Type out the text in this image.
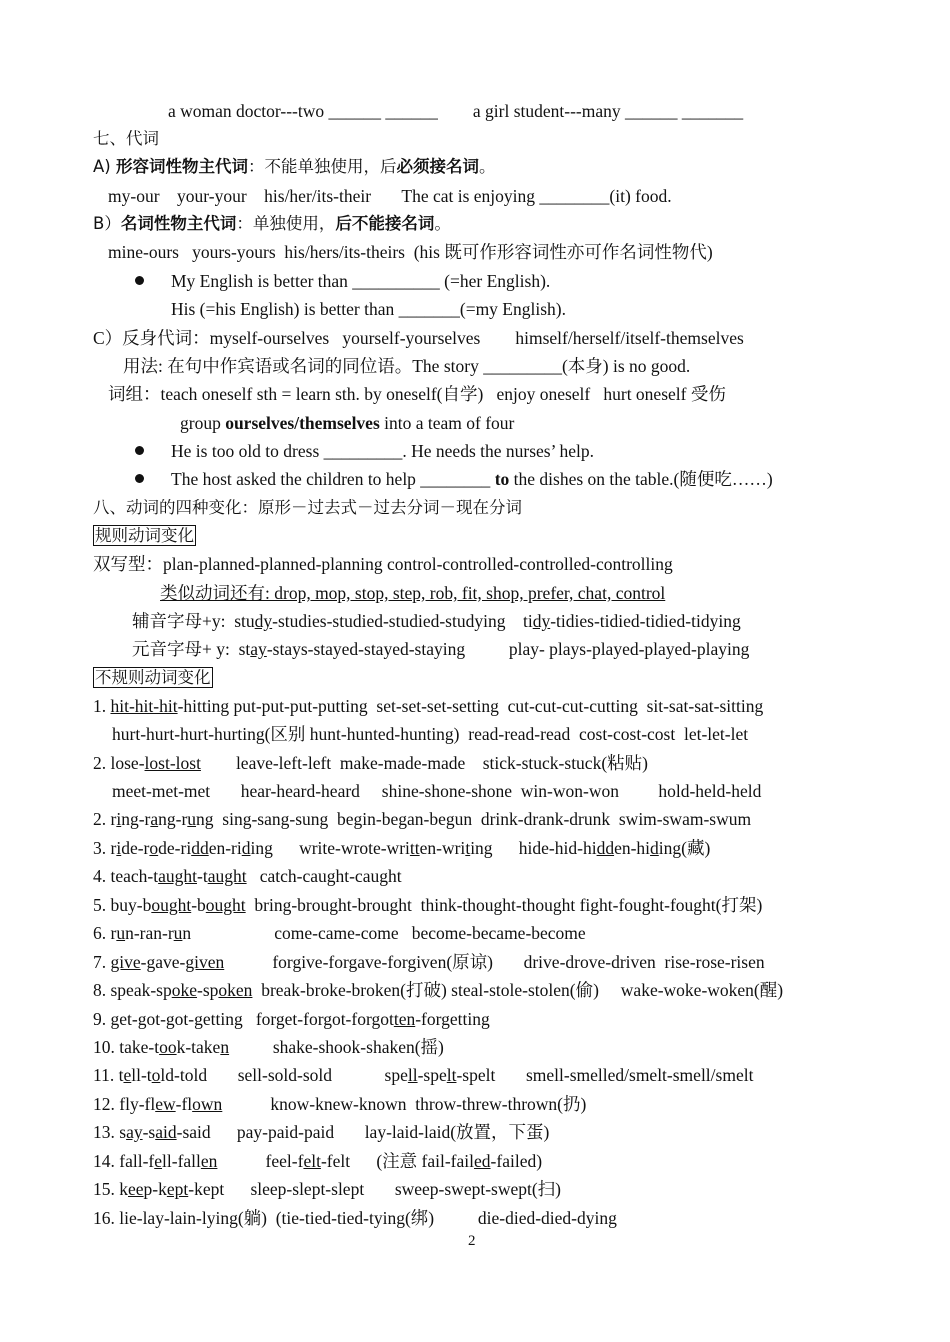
a woman doctor---two ______ ______        a girl student---many ______ _______
七、代词
A) 形容词性物主代词：不能单独使用，后必须接名词。
my-our    your-your    his/her/its-their       The cat is enjoying ________(it) food.
B）名词性物主代词：单独使用，后不能接名词。
mine-ours   yours-yours  his/hers/its-theirs  (his 既可作形容词性亦可作名词性物代)
My English is better than __________ (=her English).
His (=his English) is better than _______(=my English).
C）反身代词：myself-ourselves   yourself-yourselves        himself/herself/itself-themselves
用法: 在句中作宾语或名词的同位语。The story _________(本身) is no good.
词组：teach oneself sth = learn sth. by oneself(自学)   enjoy oneself   hurt oneself 受伤
group ourselves/themselves into a team of four
He is too old to dress _________. He needs the nurses’ help.
The host asked the children to help ________ to the dishes on the table.(随便吃……)
八、动词的四种变化：原形－过去式－过去分词－现在分词
规则动词变化
双写型：plan-planned-planned-planning control-controlled-controlled-controlling
类似动词还有: drop, mop, stop, step, rob, fit, shop, prefer, chat, control
辅音字母+y:  study-studies-studied-studied-studying    tidy-tidies-tidied-tidied-tidying
元音字母+ y:  stay-stays-stayed-stayed-staying          play- plays-played-played-playing
不规则动词变化
1. hit-hit-hit-hitting put-put-put-putting  set-set-set-setting  cut-cut-cut-cutting  sit-sat-sat-sitting
hurt-hurt-hurt-hurting(区别 hunt-hunted-hunting)  read-read-read  cost-cost-cost  let-let-let
2. lose-lost-lost        leave-left-left  make-made-made    stick-stuck-stuck(粘贴)
meet-met-met       hear-heard-heard     shine-shone-shone  win-won-won         hold-held-held
2. ring-rang-rung  sing-sang-sung  begin-began-begun  drink-drank-drunk  swim-swam-swum
3. ride-rode-ridden-riding      write-wrote-written-writing      hide-hid-hidden-hiding(藏)
4. teach-taught-taught   catch-caught-caught
5. buy-bought-bought  bring-brought-brought  think-thought-thought fight-fought-fought(打架)
6. run-ran-run                   come-came-come   become-became-become
7. give-gave-given           forgive-forgave-forgiven(原谅)       drive-drove-driven  rise-rose-risen
8. speak-spoke-spoken  break-broke-broken(打破) steal-stole-stolen(偷)     wake-woke-woken(醒)
9. get-got-got-getting   forget-forgot-forgotten-forgetting
10. take-took-taken          shake-shook-shaken(摇)
11. tell-told-told       sell-sold-sold            spell-spelt-spelt       smell-smelled/smelt-smell/smelt
12. fly-flew-flown           know-knew-known  throw-threw-thrown(扔)
13. say-said-said      pay-paid-paid       lay-laid-laid(放置，下蛋)
14. fall-fell-fallen           feel-felt-felt      (注意 fail-failed-failed)
15. keep-kept-kept      sleep-slept-slept       sweep-swept-swept(扫)
16. lie-lay-lain-lying(躺)  (tie-tied-tied-tying(绑)          die-died-died-dying
2
